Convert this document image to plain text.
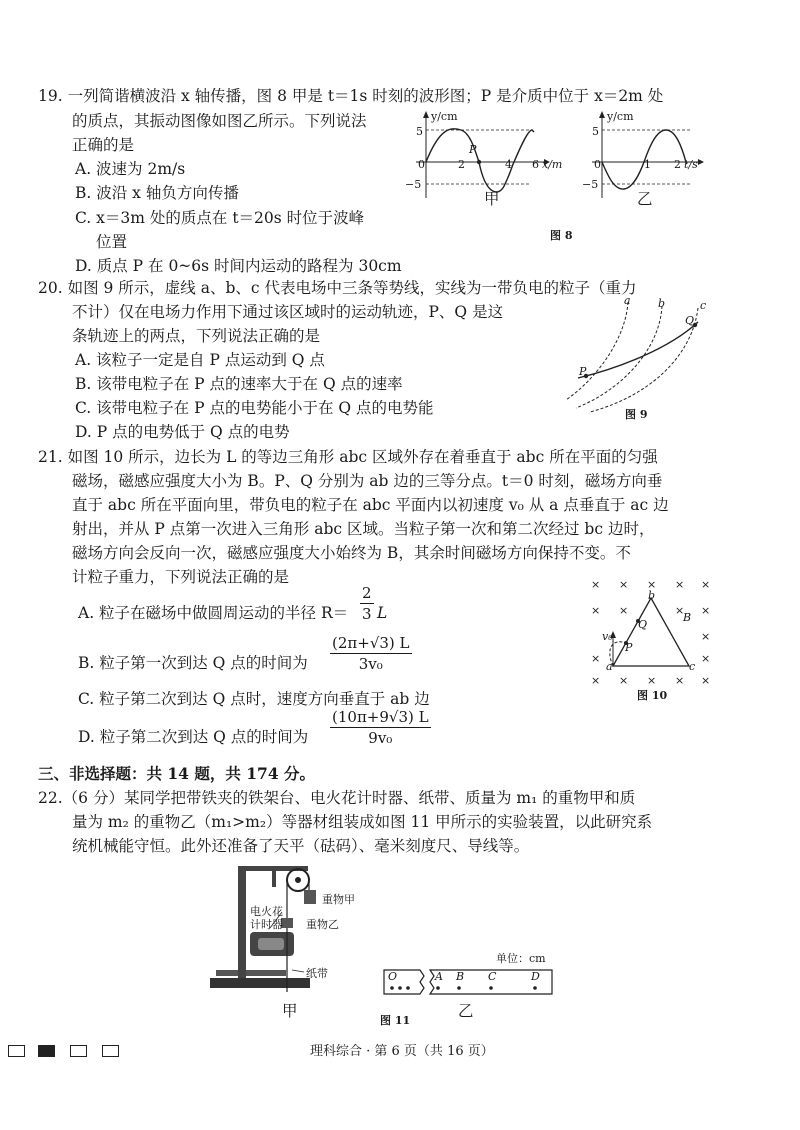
19. 一列简谐横波沿 x 轴传播，图 8 甲是 t＝1s 时刻的波形图；P 是介质中位于 x＝2m 处
的质点，其振动图像如图乙所示。下列说法
正确的是
A. 波速为 2m/s
B. 波沿 x 轴负方向传播
C. x＝3m 处的质点在 t＝20s 时位于波峰
位置
D. 质点 P 在 0~6s 时间内运动的路程为 30cm
y/cm
5
−5
0	2	4 6 x/m
P
甲
y/cm
5
−5
0	1 2 t/s
乙
图 8
20. 如图 9 所示，虚线 a、b、c 代表电场中三条等势线，实线为一带负电的粒子（重力
不计）仅在电场力作用下通过该区域时的运动轨迹，P、Q 是这
条轨迹上的两点，下列说法正确的是
A. 该粒子一定是自 P 点运动到 Q 点
B. 该带电粒子在 P 点的速率大于在 Q 点的速率
C. 该带电粒子在 P 点的电势能小于在 Q 点的电势能
D. P 点的电势低于 Q 点的电势
a b	c
P
Q
图 9
21. 如图 10 所示，边长为 L 的等边三角形 abc 区域外存在着垂直于 abc 所在平面的匀强
磁场，磁感应强度大小为 B。P、Q 分别为 ab 边的三等分点。t＝0 时刻，磁场方向垂
直于 abc 所在平面向里，带负电的粒子在 abc 平面内以初速度 v₀ 从 a 点垂直于 ac 边
射出，并从 P 点第一次进入三角形 abc 区域。当粒子第一次和第二次经过 bc 边时，
磁场方向会反向一次，磁感应强度大小始终为 B，其余时间磁场方向保持不变。不
计粒子重力，下列说法正确的是
A. 粒子在磁场中做圆周运动的半径 $R= \frac{2}{3}$ L
B. 粒子第一次到达 Q 点的时间为 $\frac{(2\pi+√3) L}{\text{3v₀}}$
C. 粒子第二次到达 Q 点时，速度方向垂直于 ab 边
D. 粒子第二次到达 Q 点的时间为 $\frac{(10\pi+9√3) L}{\text{9v₀}}$
× × × × ×
× ×	× ×
×
×	×
× × × × ×
b
B
Q
P
v₀
a	c
图 10
三、非选择题：共 14 题，共 174 分。
22.（6 分）某同学把带铁夹的铁架台、电火花计时器、纸带、质量为 m₁ 的重物甲和质
量为 m₂ 的重物乙（m₁>m₂）等器材组装成如图 11 甲所示的实验装置，以此研究系
统机械能守恒。此外还准备了天平（砝码）、毫米刻度尺、导线等。
重物甲
重物乙
电火花
计时器
纸带
甲
单位：cm
O	A B C	D
乙
图 11
理科综合 · 第 6 页（共 16 页）
